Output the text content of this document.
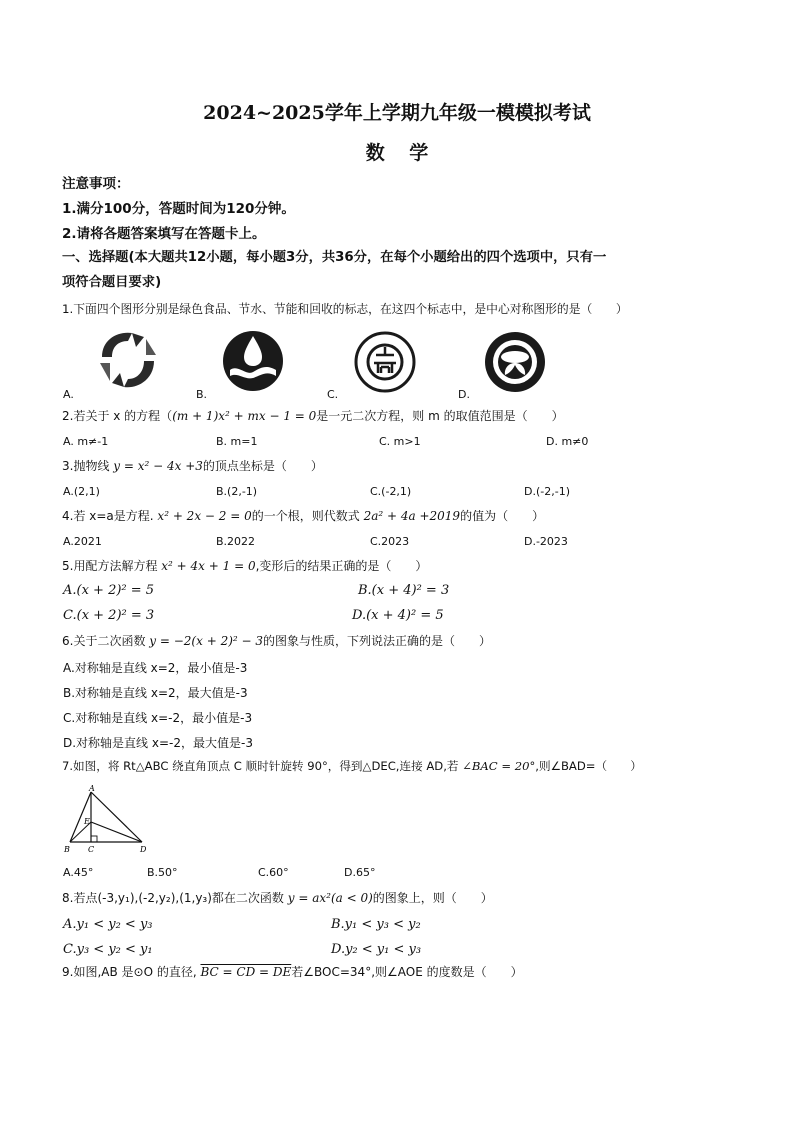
2024~2025学年上学期九年级一模模拟考试
数 学
注意事项：
1.满分100分，答题时间为120分钟。
2.请将各题答案填写在答题卡上。
一、选择题(本大题共12小题，每小题3分，共36分，在每个小题给出的四个选项中，只有一
项符合题目要求)
1.下面四个图形分别是绿色食品、节水、节能和回收的标志，在这四个标志中，是中心对称图形的是（　　）
A.	B.	C.	D.
2.若关于 x 的方程（(m + 1)x² + mx − 1 = 0是一元二次方程，则 m 的取值范围是（　　）
A. m≠-1	B. m=1	C. m>1	D. m≠0
3.抛物线 y = x² − 4x +3的顶点坐标是（　　）
A.(2,1)	B.(2,-1)	C.(-2,1)	D.(-2,-1)
4.若 x=a是方程. x² + 2x − 2 = 0的一个根，则代数式 2a² + 4a +2019的值为（　　）
A.2021	B.2022	C.2023	D.-2023
5.用配方法解方程 x² + 4x + 1 = 0,变形后的结果正确的是（　　）
A.(x + 2)² = 5	B.(x + 4)² = 3
C.(x + 2)² = 3	D.(x + 4)² = 5
6.关于二次函数 y = −2(x + 2)² − 3的图象与性质，下列说法正确的是（　　）
A.对称轴是直线 x=2，最小值是-3
B.对称轴是直线 x=2，最大值是-3
C.对称轴是直线 x=-2，最小值是-3
D.对称轴是直线 x=-2，最大值是-3
7.如图，将 Rt△ABC 绕直角顶点 C 顺时针旋转 90°，得到△DEC,连接 AD,若 ∠BAC = 20°,则∠BAD=（　　）
A
E
B C	D
A.45°	B.50°	C.60°	D.65°
8.若点(-3,y₁),(-2,y₂),(1,y₃)都在二次函数 y = ax²(a < 0)的图象上，则（　　）
A.y₁ < y₂ < y₃	B.y₁ < y₃ < y₂
C.y₃ < y₂ < y₁	D.y₂ < y₁ < y₃
9.如图,AB 是⊙O 的直径, BC = CD = DE若∠BOC=34°,则∠AOE 的度数是（　　）
